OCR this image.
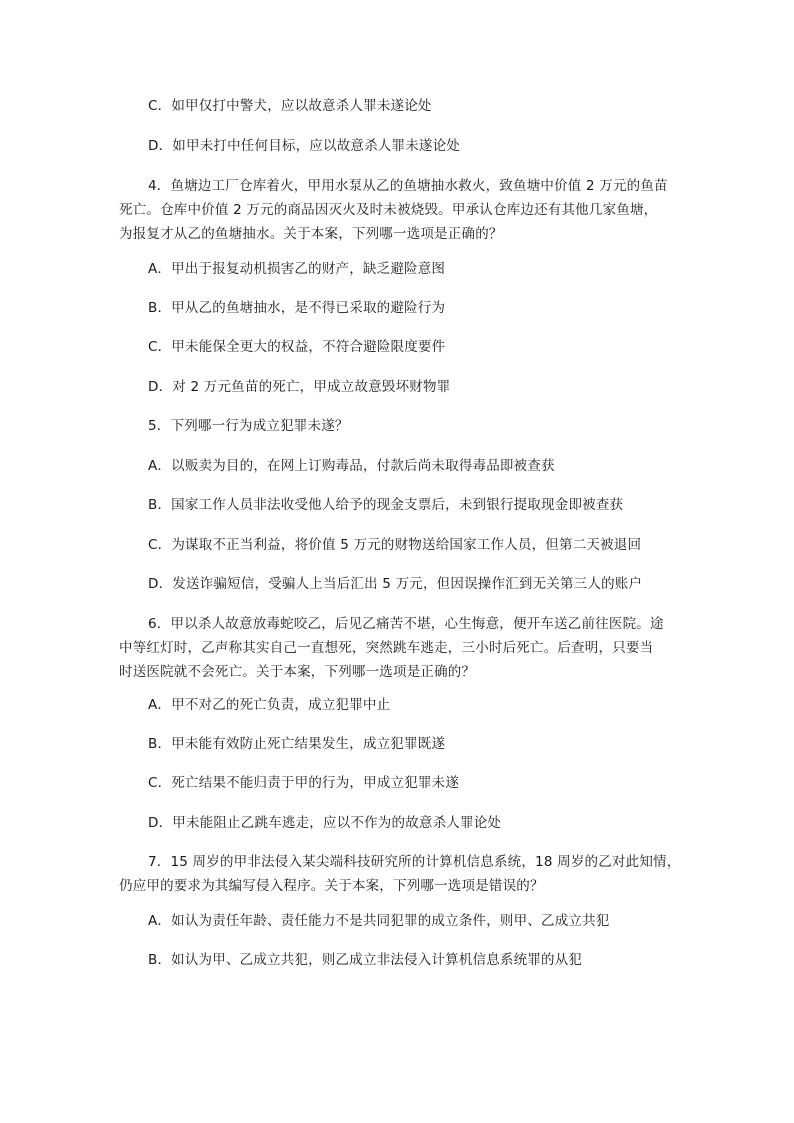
C．如甲仅打中警犬，应以故意杀人罪未遂论处
D．如甲未打中任何目标，应以故意杀人罪未遂论处
4．鱼塘边工厂仓库着火，甲用水泵从乙的鱼塘抽水救火，致鱼塘中价值 2 万元的鱼苗
死亡。仓库中价值 2 万元的商品因灭火及时未被烧毁。甲承认仓库边还有其他几家鱼塘，
为报复才从乙的鱼塘抽水。关于本案，下列哪一选项是正确的？
A．甲出于报复动机损害乙的财产，缺乏避险意图
B．甲从乙的鱼塘抽水，是不得已采取的避险行为
C．甲未能保全更大的权益，不符合避险限度要件
D．对 2 万元鱼苗的死亡，甲成立故意毁坏财物罪
5．下列哪一行为成立犯罪未遂？
A．以贩卖为目的，在网上订购毒品，付款后尚未取得毒品即被查获
B．国家工作人员非法收受他人给予的现金支票后，未到银行提取现金即被查获
C．为谋取不正当利益，将价值 5 万元的财物送给国家工作人员，但第二天被退回
D．发送诈骗短信，受骗人上当后汇出 5 万元，但因误操作汇到无关第三人的账户
6．甲以杀人故意放毒蛇咬乙，后见乙痛苦不堪，心生悔意，便开车送乙前往医院。途
中等红灯时，乙声称其实自己一直想死，突然跳车逃走，三小时后死亡。后查明，只要当
时送医院就不会死亡。关于本案，下列哪一选项是正确的？
A．甲不对乙的死亡负责，成立犯罪中止
B．甲未能有效防止死亡结果发生，成立犯罪既遂
C．死亡结果不能归责于甲的行为，甲成立犯罪未遂
D．甲未能阻止乙跳车逃走，应以不作为的故意杀人罪论处
7．15 周岁的甲非法侵入某尖端科技研究所的计算机信息系统，18 周岁的乙对此知情，
仍应甲的要求为其编写侵入程序。关于本案，下列哪一选项是错误的？
A．如认为责任年龄、责任能力不是共同犯罪的成立条件，则甲、乙成立共犯
B．如认为甲、乙成立共犯，则乙成立非法侵入计算机信息系统罪的从犯
